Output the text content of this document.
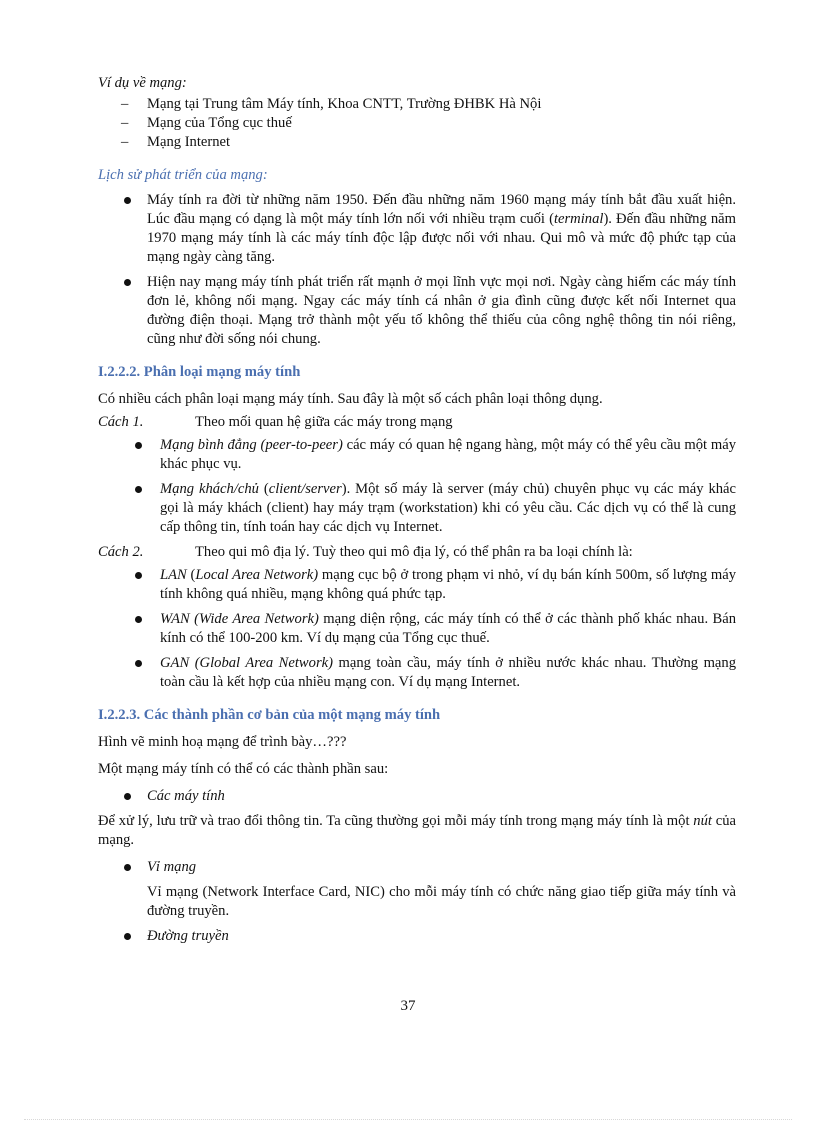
Ví dụ về mạng:

– Mạng tại Trung tâm Máy tính, Khoa CNTT, Trường ĐHBK Hà Nội
– Mạng của Tổng cục thuế
– Mạng Internet

Lịch sử phát triển của mạng:

Máy tính ra đời từ những năm 1950. Đến đầu những năm 1960 mạng máy tính bắt đầu xuất hiện. Lúc đầu mạng có dạng là một máy tính lớn nối với nhiều trạm cuối (terminal). Đến đầu những năm 1970 mạng máy tính là các máy tính độc lập được nối với nhau. Qui mô và mức độ phức tạp của mạng ngày càng tăng.
Hiện nay mạng máy tính phát triển rất mạnh ở mọi lĩnh vực mọi nơi. Ngày càng hiếm các máy tính đơn lẻ, không nối mạng. Ngay các máy tính cá nhân ở gia đình cũng được kết nối Internet qua đường điện thoại. Mạng trở thành một yếu tố không thể thiếu của công nghệ thông tin nói riêng, cũng như đời sống nói chung.

I.2.2.2. Phân loại mạng máy tính

Có nhiều cách phân loại mạng máy tính. Sau đây là một số cách phân loại thông dụng.

Cách 1.	Theo mối quan hệ giữa các máy trong mạng

Mạng bình đẳng (peer-to-peer) các máy có quan hệ ngang hàng, một máy có thể yêu cầu một máy khác phục vụ.
Mạng khách/chủ (client/server). Một số máy là server (máy chủ) chuyên phục vụ các máy khác gọi là máy khách (client) hay máy trạm (workstation) khi có yêu cầu. Các dịch vụ có thể là cung cấp thông tin, tính toán hay các dịch vụ Internet.

Cách 2.	Theo qui mô địa lý. Tuỳ theo qui mô địa lý, có thể phân ra ba loại chính là:

LAN (Local Area Network) mạng cục bộ ở trong phạm vi nhỏ, ví dụ bán kính 500m, số lượng máy tính không quá nhiều, mạng không quá phức tạp.
WAN (Wide Area Network) mạng diện rộng, các máy tính có thể ở các thành phố khác nhau. Bán kính có thể 100-200 km. Ví dụ mạng của Tổng cục thuế.
GAN (Global Area Network) mạng toàn cầu, máy tính ở nhiều nước khác nhau. Thường mạng toàn cầu là kết hợp của nhiều mạng con. Ví dụ mạng Internet.

I.2.2.3. Các thành phần cơ bản của một mạng máy tính

Hình vẽ minh hoạ mạng để trình bày…???

Một mạng máy tính có thể có các thành phần sau:

Các máy tính

Để xử lý, lưu trữ và trao đổi thông tin. Ta cũng thường gọi mỗi máy tính trong mạng máy tính là một nút của mạng.

Vỉ mạng

Vỉ mạng (Network Interface Card, NIC) cho mỗi máy tính có chức năng giao tiếp giữa máy tính và đường truyền.

Đường truyền
37
